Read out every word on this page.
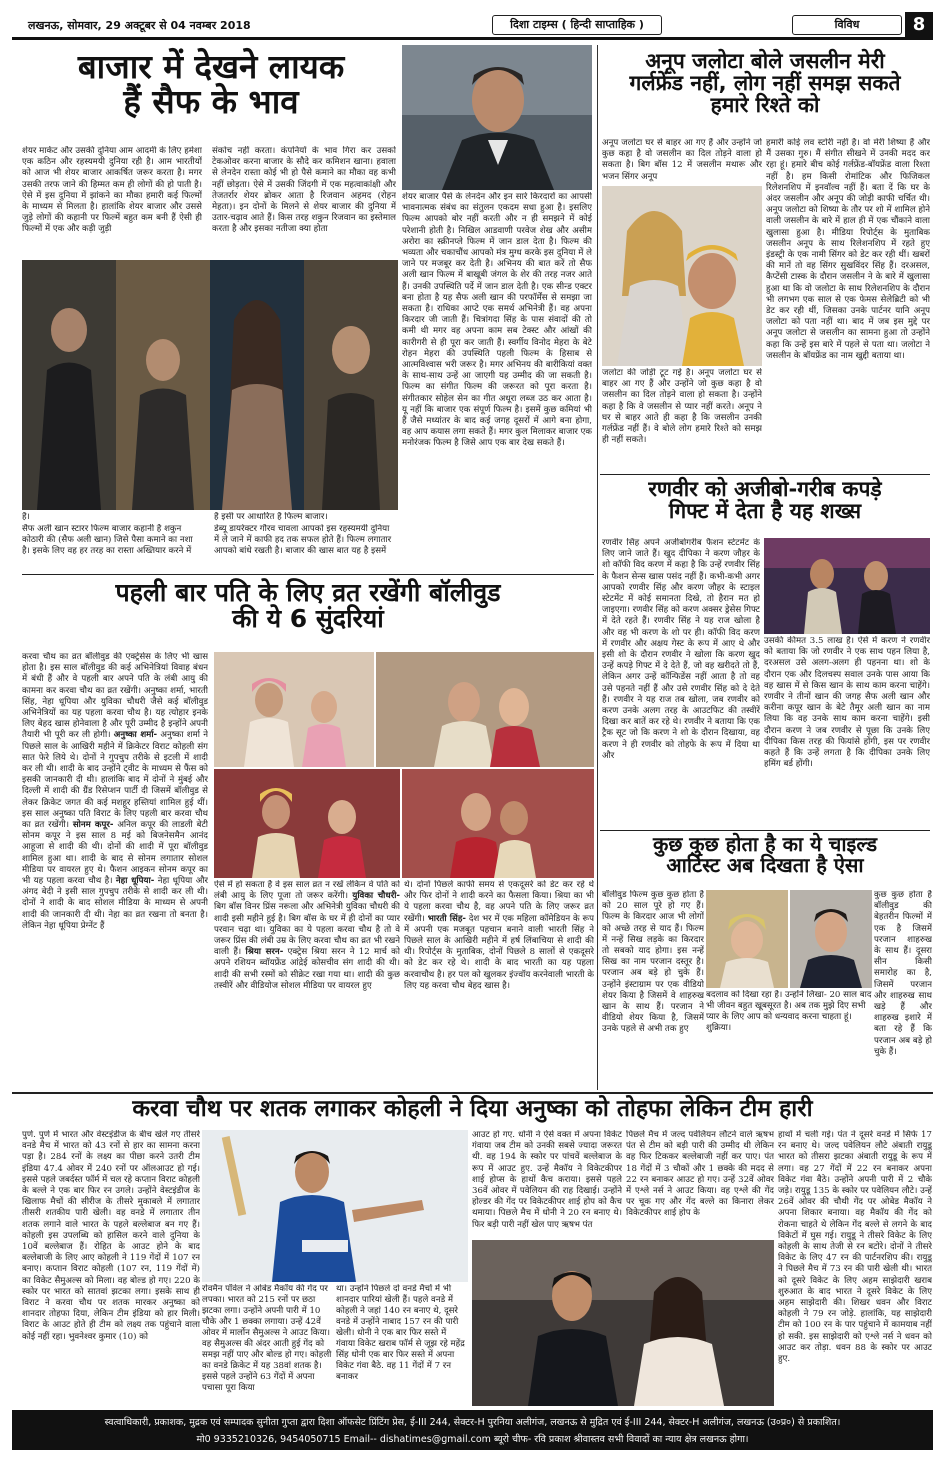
लखनऊ, सोमवार, 29 अक्टूबर से 04 नवम्बर 2018	दिशा टाइम्स ( हिन्दी साप्ताहिक )	विविध	8
बाजार में देखने लायक
हैं सैफ के भाव
शेयर मार्केट और उसकी दुनिया आम आदमी के लिए हमेशा एक कठिन और रहस्यमयी दुनिया रही है। आम भारतीयों को आज भी शेयर बाजार आकर्षित जरूर करता है। मगर उसकी तरफ जाने की हिम्मत कम ही लोगों की हो पाती है। ऐसे में इस दुनिया में झांकने का मौका हमारी कई फिल्मों के माध्यम से मिलता है। हालांकि शेयर बाजार और उससे जुड़े लोगों की कहानी पर फिल्में बहुत कम बनी हैं ऐसी ही फिल्मों में एक और कड़ी जुड़ी
संकोच नहीं करता। कंपनियों के भाव गिरा कर उसको टेकओवर करना बाजार के सौदे कर कमिशन खाना। हवाला से लेनदेन रास्ता कोई भी हो पैसे कमाने का मौका वह कभी नहीं छोड़ता। ऐसे में उसकी जिंदगी में एक महत्वाकांक्षी और तेजतर्रार शेयर ब्रोकर आता है रिजवान अहमद (रोहन मेहता)। इन दोनों के मिलने से शेयर बाजार की दुनिया में उतार-चढ़ाव आते हैं। किस तरह शकुन रिजवान का इस्तेमाल करता है और इसका नतीजा क्या होता
शेयर बाजार पैसे के लेनदेन और इन सारे किरदारों का आपसी भावनात्मक संबंध का संतुलन एकदम सधा हुआ है। इसलिए फिल्म आपको बोर नहीं करती और न ही समझने में कोई परेशानी होती है। निखिल आडवाणी परवेज शेख और असीम अरोरा का स्क्रीनप्ले फिल्म में जान डाल देता है। फिल्म की भव्यता और चकाचौंध आपको मंत्र मुग्ध करके इस दुनिया में ले जाने पर मजबूर कर देती है। अभिनय की बात करें तो सैफ अली खान फिल्म में बाखूबी जंगल के शेर की तरह नजर आते हैं। उनकी उपस्थिति पर्दे में जान डाल देती है। एक सीन्ड एक्टर बना होता है यह सैफ अली खान की परफॉर्मेंस से समझा जा सकता है। राधिका आप्टे एक समर्थ अभिनेत्री हैं। वह अपना किरदार जी जाती हैं। चित्रांगदा सिंह के पास संवादों की तो कमी थी मगर वह अपना काम सब टेक्स्ट और आंखों की कारीगरी से ही पूरा कर जाती हैं। स्वर्गीय विनोद मेहरा के बेटे रोहन मेहरा की उपस्थिति पहली फिल्म के हिसाब से आत्मविश्वास भरी जरूर है। मगर अभिनय की बारीकियां वक्त के साथ-साथ उन्हें आ जाएगी यह उम्मीद की जा सकती है। फिल्म का संगीत फिल्म की जरूरत को पूरा करता है। संगीतकार सोहेल सेन का गीत अधूरा लब्ज उठ कर आता है। यू नहीं कि बाजार एक संपूर्ण फिल्म है। इसमें कुछ कमियां भी हैं जैसे मध्यांतर के बाद कई जगह दूसरों में आगे बना होगा, वह आप कयास लगा सकते हैं। मगर कुल मिलाकर बाजार एक मनोरंजक फिल्म है जिसे आप एक बार देख सकते हैं।
है।
सैफ अली खान स्टारर फिल्म बाजार कहानी है शकुन कोठारी की (सैफ अली खान) जिसे पैसा कमाने का नशा है। इसके लिए वह हर तरह का रास्ता अख्तियार करने में
है इसी पर आधारित है फिल्म बाजार।
डेब्यू डायरेक्टर गौरव चावला आपको इस रहस्यमयी दुनिया में ले जाने में काफी हद तक सफल होते हैं। फिल्म लगातार आपको बांधे रखती है। बाजार की खास बात यह है इसमें
अनूप जलोटा बोले जसलीन मेरी
गर्लफ्रेंड नहीं, लोग नहीं समझ सकते
हमारे रिश्ते को
अनूप जलोटा घर से बाहर आ गए हैं और उन्होंने जो कुछ कहा है वो जसलीन का दिल तोड़ने वाला हो सकता है। बिग बॉस 12 में जसलीन मथारू और भजन सिंगर अनूप
जलोटा की जोड़ी टूट गई है। अनूप जलोटा घर से बाहर आ गए हैं और उन्होंने जो कुछ कहा है वो जसलीन का दिल तोड़ने वाला हो सकता है। उन्होंने कहा है कि वे जसलीन से प्यार नहीं करते। अनूप ने घर से बाहर आते ही कहा है कि जसलीन उनकी गर्लफ्रेंड नहीं हैं। वे बोले लोग हमारे रिश्ते को समझ ही नहीं सकते।
हमारी कोई लव स्टोरी नहीं है। वो मेरी शिष्या हैं और मैं उसका गुरु। मैं संगीत सीखने में उनकी मदद कर रहा हूं। हमारे बीच कोई गर्लफ्रेंड-बॉयफ्रेंड वाला रिश्ता नहीं है। हम किसी रोमांटिक और फिजिकल रिलेशनशिप में इनवॉल्व नहीं हैं। बता दें कि घर के अंदर जसलीन और अनूप की जोड़ी काफी चर्चित थी। अनूप जलोटा को शिष्या के तौर पर शो में शामिल होने वाली जसलीन के बारे में हाल ही में एक चौंकाने वाला खुलासा हुआ है। मीडिया रिपोर्ट्स के मुताबिक जसलीन अनूप के साथ रिलेशनशिप में रहते हुए इंडस्ट्री के एक नामी सिंगर को डेट कर रही थीं। खबरों की मानें तो वह सिंगर सुखविंदर सिंह हैं। दरअसल, कैप्टेंसी टास्क के दौरान जसलीन ने के बारे में खुलासा हुआ था कि वो जलोटा के साथ रिलेशनशिप के दौरान भी लगभग एक साल से एक फेमस सेलेब्रिटी को भी डेट कर रही थीं, जिसका उनके पार्टनर यानि अनूप जलोटा को पता नहीं था। बाद में जब इस मुद्दे पर अनूप जलोटा से जसलीन का सामना हुआ तो उन्होंने कहा कि उन्हें इस बारे में पहले से पता था। जलोटा ने जसलीन के बॉयफ्रेंड का नाम खुद्दी बताया था।
रणवीर को अजीबो-गरीब कपड़े
गिफ्ट में देता है यह शख्स
रणवीर सिंह अपने अजीबोगरीब फैशन स्टेटमेंट के लिए जाने जाते हैं। खुद दीपिका ने करण जौहर के शो कॉफी विद करण में कहा है कि उन्हें रणवीर सिंह के फैशन सेन्स खास पसंद नहीं हैं। कभी-कभी अगर आपको रणवीर सिंह और करण जौहर के स्टाइल स्टेटमेंट में कोई समानता दिखे, तो हैरान मत हो जाइएगा। रणवीर सिंह को करण अक्सर ड्रेसेस गिफ्ट में देते रहते हैं। रणवीर सिंह ने यह राज खोला है और वह भी करण के शो पर ही। कॉफी विद करण में रणवीर और अक्षय गेस्ट के रूप में आए थे और इसी शो के दौरान रणवीर ने खोला कि करण खुद उन्हें कपड़े गिफ्ट में दे देते हैं, जो वह खरीदते तो हैं, लेकिन अगर उन्हें कॉन्फिडेंस नहीं आता है तो वह उसे पहनते नहीं हैं और उसे रणवीर सिंह को दे देते हैं। रणवीर ने यह राज तब खोला, जब रणवीर को करण उनके अलग तरह के आउटफिट की तस्वीरें दिखा कर बातें कर रहे थे। रणवीर ने बताया कि एक ट्रैक सूट जो कि करण ने शो के दौरान दिखाया, वह करण ने ही रणवीर को तोहफे के रूप में दिया था और
उसकी कीमत 3.5 लाख है। ऐसे में करण ने रणवीर को बताया कि जो रणवीर ने एक साथ पहन लिया है, दरअसल उसे अलग-अलग ही पहनना था। शो के दौरान एक और दिलचस्प सवाल उनके पास आया कि वह खास में से किस खान के साथ काम करना चाहेंगे। रणवीर ने तीनों खान की जगह सैफ अली खान और करीना कपूर खान के बेटे तैमूर अली खान का नाम लिया कि वह उनके साथ काम करना चाहेंगे। इसी दौरान करण ने जब रणवीर से पूछा कि उनके लिए दीपिका किस तरह की फियांसे होंगी, इस पर रणवीर कहते हैं कि उन्हें लगता है कि दीपिका उनके लिए हमिंग बर्ड होंगी।
कुछ कुछ होता है का ये चाइल्ड
आर्टिस्ट अब दिखता है ऐसा
बॉलीवुड फिल्म कुछ कुछ होता है को 20 साल पूरे हो गए हैं। फिल्म के किरदार आज भी लोगों को अच्छे तरह से याद हैं। फिल्म में नन्हें सिख लड़के का किरदार तो सबको याद होगा। इस नन्हें सिख का नाम परजान दस्तूर है। परजान अब बड़े हो चुके हैं। उन्होंने इंस्टाग्राम पर एक वीडियो शेयर किया है जिसमें वे शाहरुख खान के साथ हैं। परजान ने वीडियो शेयर किया है, जिसमें उनके पहले से अभी तक हुए
बदलाव को दिखा रहा है। उन्होंने लिखा- 20 साल बाद भी जीवन बहुत खूबसूरत है। अब तक मुझे दिए सभी प्यार के लिए आप को धन्यवाद करना चाहता हूं। शुक्रिया।
कुछ कुछ होता है बॉलीवुड की बेहतरीन फिल्मों में एक है जिसमें परजान शाहरुख के साथ हैं। दूसरा सीन किसी समारोह का है, जिसमें परजान और शाहरुख साथ खड़े हैं और शाहरुख इशारे में बता रहे हैं कि परजान अब बड़े हो चुके हैं।
पहली बार पति के लिए व्रत रखेंगी बॉलीवुड
की ये 6 सुंदरियां
करवा चौथ का व्रत बॉलीवुड की एक्ट्रेसेस के लिए भी खास होता है। इस साल बॉलीवुड की कई अभिनेत्रियां विवाह बंधन में बंधी हैं और वे पहली बार अपने पति के लंबी आयु की कामना कर करवा चौथ का व्रत रखेंगी। अनुष्का शर्मा, भारती सिंह, नेहा धूपिया और युविका चौधरी जैसे कई बॉलीवुड अभिनेत्रियों का यह पहला करवा चौथ है। यह त्योहार इनके लिए बेहद खास होनेवाला है और पूरी उम्मीद है इन्होंने अपनी तैयारी भी पूरी कर ली होगी। अनुष्का शर्मा- अनुष्का शर्मा ने पिछले साल के आखिरी महीने में क्रिकेटर विराट कोहली संग सात फेरे लिये थे। दोनों ने गुपचुप तरीके से इटली में शादी कर ली थी। शादी के बाद उन्होंने ट्वीट के माध्यम से फैंस को इसकी जानकारी दी थी। हालांकि बाद में दोनों ने मुंबई और दिल्ली में शादी की ग्रैंड रिसेप्शन पार्टी दी जिसमें बॉलीवुड से लेकर क्रिकेट जगत की कई मशहूर हस्तियां शामिल हुई थीं। इस साल अनुष्का पति विराट के लिए पहली बार करवा चौथ का व्रत रखेंगी। सोनम कपूर- अनिल कपूर की लाडली बेटी सोनम कपूर ने इस साल 8 मई को बिजनेसमैन आनंद आहूजा से शादी की थी। दोनों की शादी में पूरा बॉलीवुड शामिल हुआ था। शादी के बाद से सोनम लगातार सोशल मीडिया पर वायरल हुए थे। फैशन आइकन सोनम कपूर का भी यह पहला करवा चौथ है। नेहा धूपिया- नेहा धूपिया और अंगद बेदी ने इसी साल गुपचुप तरीके से शादी कर ली थी। दोनों ने शादी के बाद सोशल मीडिया के माध्यम से अपनी शादी की जानकारी दी थी। नेहा का व्रत रखना तो बनता है। लेकिन नेहा धूपिया प्रेग्नेंट हैं
ऐसे में हो सकता है वे इस साल व्रत न रखें लेकिन वे पति को लंबी आयु के लिए पूजा तो जरूर करेंगी। युविका चौधरी- बिग बॉस विनर प्रिंस नरूला और अभिनेत्री युविका चौधरी की शादी इसी महीने हुई है। बिग बॉस के घर में ही दोनों का प्यार परवान चढ़ा था। युविका का ये पहला करवा चौथ है तो वे जरूर प्रिंस की लंबी उम्र के लिए करवा चौथ का व्रत भी रखने वाली हैं। श्रिया सरन- एक्ट्रेस श्रिया सरन ने 12 मार्च को अपने रशियन ब्वॉयफ्रेंड आंद्रेई कोसचीव संग शादी की थी। शादी की सभी रस्मों को सीक्रेट रखा गया था। शादी की कुछ तस्वीरें और वीडियोज सोशल मीडिया पर वायरल हुए
थे। दोनों पिछले काफी समय से एकदूसरे को डेट कर रहे थे और फिर दोनों ने शादी करने का फैसला किया। श्रिया का भी ये पहला करवा चौथ है, वह अपने पति के लिए जरूर व्रत रखेंगी। भारती सिंह- देश भर में एक महिला कॉमेडियन के रूप में अपनी एक मजबूत पहचान बनाने वाली भारती सिंह ने पिछले साल के आखिरी महीने में हर्ष लिंबाचिया से शादी की थी। रिपोर्ट्स के मुताबिक, दोनों पिछले 8 सालों से एकदूसरे को डेट कर रहे थे। शादी के बाद भारती का यह पहला करवाचौथ है। हर पल को खुलकर इंज्वॉय करनेवाली भारती के लिए यह करवा चौथ बेहद खास है।
करवा चौथ पर शतक लगाकर कोहली ने दिया अनुष्का को तोहफा लेकिन टीम हारी
पुणे. पुणे में भारत और वेस्टइंडीज के बीच खेले गए तीसरे वनडे मैच में भारत को 43 रनों से हार का सामना करना पड़ा है। 284 रनों के लक्ष्य का पीछा करने उतरी टीम इंडिया 47.4 ओवर में 240 रनों पर ऑलआउट हो गई। इससे पहले जबर्दस्त फॉर्म में चल रहे कप्तान विराट कोहली के बल्ले ने एक बार फिर रन उगले। उन्होंने वेस्टइंडीज के खिलाफ मैचों की सीरीज के तीसरे मुकाबले में लगातार तीसरी शतकीय पारी खेली। वह वनडे में लगातार तीन शतक लगाने वाले भारत के पहले बल्लेबाज बन गए हैं। कोहली इस उपलब्धि को हासिल करने वाले दुनिया के 10वें बल्लेबाज हैं। रोहित के आउट होने के बाद बल्लेबाजी के लिए आए कोहली ने 119 गेंदों में 107 रन बनाए। कप्तान विराट कोहली (107 रन, 119 गेंदों में) का विकेट सैमुअल्स को मिला। वह बोल्ड हो गए। 220 के स्कोर पर भारत को सातवां झटका लगा। इसके साथ ही विराट ने करवा चौथ पर शतक मारकर अनुष्का को शानदार तोहफा दिया, लेकिन टीम इंडिया को हार मिली। विराट के आउट होते ही टीम को लक्ष्य तक पहुंचाने वाला कोई नहीं रहा। भुवनेश्वर कुमार (10) को
रोवमैन पॉवेल ने ओबेड मैकॉय की गेंद पर लपका। भारत को 215 रनों पर छठा झटका लगा। उन्होंने अपनी पारी में 10 चौके और 1 छक्का लगाया। उन्हें 42वें ओवर में मार्लोन सैमुअल्स ने आउट किया। वह सैमुअल्स की अंदर आती हुई गेंद को समझ नहीं पाए और बोल्ड हो गए। कोहली का वनडे क्रिकेट में यह 38वां शतक है। इससे पहले उन्होंने 63 गेंदों में अपना पचासा पूरा किया
था। उन्होंने पिछले दो वनडे मैचों में भी शानदार पारियां खेली हैं। पहले वनडे में कोहली ने जहां 140 रन बनाए थे, दूसरे वनडे में उन्होंने नाबाद 157 रन की पारी खेली। धोनी ने एक बार फिर सस्ते में गंवाया विकेट खराब फॉर्म से जूझ रहे महेंद्र सिंह धोनी एक बार फिर सस्ते में अपना विकेट गंवा बैठे. वह 11 गेंदों में 7 रन बनाकर
आउट हो गए. धोनी ने ऐसे वक्त में अपना विकेट गंवाया जब टीम को उनकी सबसे ज्यादा जरूरत थी. वह 194 के स्कोर पर पांचवें बल्लेबाज के रूप में आउट हुए. उन्हें मैकॉय ने विकेटकीपर शाई होप्स के हाथों कैच कराया। इससे पहले 36वें ओवर में पवेलियन की राह दिखाई। उन्होंने होल्डर की गेंद पर विकेटकीपर शाई होप को कैच थमाया। पिछले मैच में धोनी ने 20 रन बनाए थे। फिर बड़ी पारी नहीं खेल पाए ऋषभ पंत
पिछले मैच में जल्द पवेलियन लौटने वाले ऋषभ पंत से टीम को बड़ी पारी की उम्मीद थी लेकिन वह फिर टिककर बल्लेबाजी नहीं कर पाए। पंत 18 गेंदों में 3 चौकों और 1 छक्के की मदद से 22 रन बनाकर आउट हो गए। उन्हें 32वें ओवर में एश्ले नर्स ने आउट किया। वह एश्ले की गेंद पर चूक गए और गेंद बल्ले का किनारा लेकर विकेटकीपर शाई होप के
हाथों में चली गई। पंत ने दूसरे वनडे में सिर्फ 17 रन बनाए थे। जल्द पवेलियन लौटे अंबाती रायुडू भारत को तीसरा झटका अंबाती रायुडू के रूप में लगा। वह 27 गेंदों में 22 रन बनाकर अपना विकेट गंवा बैठे। उन्होंने अपनी पारी में 2 चौके जड़े। रायुडू 135 के स्कोर पर पवेलियन लौटे। उन्हें 26वें ओवर की चौथी गेंद पर ओबेड मैकॉय ने अपना शिकार बनाया। वह मैकॉय की गेंद को रोकना चाहते थे लेकिन गेंद बल्ले से लगने के बाद विकेटों में घुस गई। रायुडू ने तीसरे विकेट के लिए कोहली के साथ तेजी से रन बटोरे। दोनों ने तीसरे विकेट के लिए 47 रन की पार्टनरशिप की। रायुडू ने पिछले मैच में 73 रन की पारी खेली थी। भारत को दूसरे विकेट के लिए अहम साझेदारी खराब शुरुआत के बाद भारत ने दूसरे विकेट के लिए अहम साझेदारी की। शिखर धवन और विराट कोहली ने 79 रन जोड़े. हालांकि, यह साझेदारी टीम को 100 रन के पार पहुंचाने में कामयाब नहीं हो सकी. इस साझेदारी को एश्ले नर्स ने धवन को आउट कर तोड़ा. धवन 88 के स्कोर पर आउट हुए.
स्वत्वाधिकारी, प्रकाशक, मुद्रक एवं सम्पादक सुनीता गुप्ता द्वारा दिशा ऑफसेट प्रिंटिंग प्रेस, ई-III 244, सेक्टर-H पुरनिया अलीगंज, लखनऊ से मुद्रित एवं ई-III 244, सेक्टर-H अलीगंज, लखनऊ (उ०प्र०) से प्रकाशित।
मो0 9335210326, 9454050715 Email-- dishatimes@gmail.com ब्यूरो चीफ- रवि प्रकाश श्रीवास्तव सभी विवादों का न्याय क्षेत्र लखनऊ होगा।
